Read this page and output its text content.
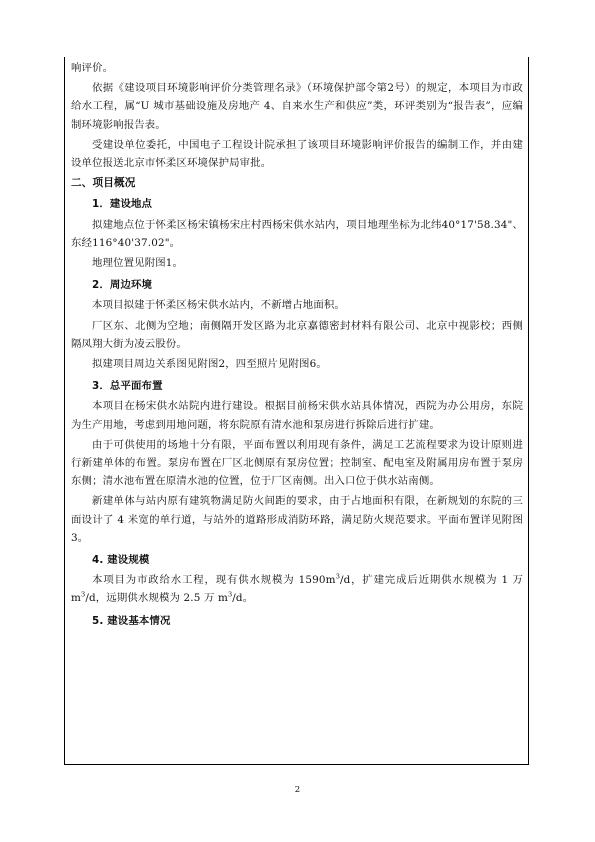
响评价。

依据《建设项目环境影响评价分类管理名录》（环境保护部令第2号）的规定，本项目为市政给水工程，属“U 城市基础设施及房地产 4、自来水生产和供应”类，环评类别为“报告表”，应编制环境影响报告表。

受建设单位委托，中国电子工程设计院承担了该项目环境影响评价报告的编制工作，并由建设单位报送北京市怀柔区环境保护局审批。

二、项目概况
1．建设地点

拟建地点位于怀柔区杨宋镇杨宋庄村西杨宋供水站内，项目地理坐标为北纬40°17'58.34"、东经116°40'37.02"。

地理位置见附图1。

2．周边环境

本项目拟建于怀柔区杨宋供水站内，不新增占地面积。

厂区东、北侧为空地；南侧隔开发区路为北京嘉德密封材料有限公司、北京中视影校；西侧隔凤翔大街为凌云股份。

拟建项目周边关系图见附图2，四至照片见附图6。

3．总平面布置

本项目在杨宋供水站院内进行建设。根据目前杨宋供水站具体情况，西院为办公用房，东院为生产用地，考虑到用地问题，将东院原有清水池和泵房进行拆除后进行扩建。

由于可供使用的场地十分有限，平面布置以利用现有条件，满足工艺流程要求为设计原则进行新建单体的布置。泵房布置在厂区北侧原有泵房位置；控制室、配电室及附属用房布置于泵房东侧；清水池布置在原清水池的位置，位于厂区南侧。出入口位于供水站南侧。

新建单体与站内原有建筑物满足防火间距的要求，由于占地面积有限，在新规划的东院的三面设计了 4 米宽的单行道，与站外的道路形成消防环路，满足防火规范要求。平面布置详见附图 3。

4. 建设规模

本项目为市政给水工程，现有供水规模为 $1590m^3/d$，扩建完成后近期供水规模为 1 万 $m^3/d$，远期供水规模为 2.5 万 $m^3/d$。

5. 建设基本情况
2
